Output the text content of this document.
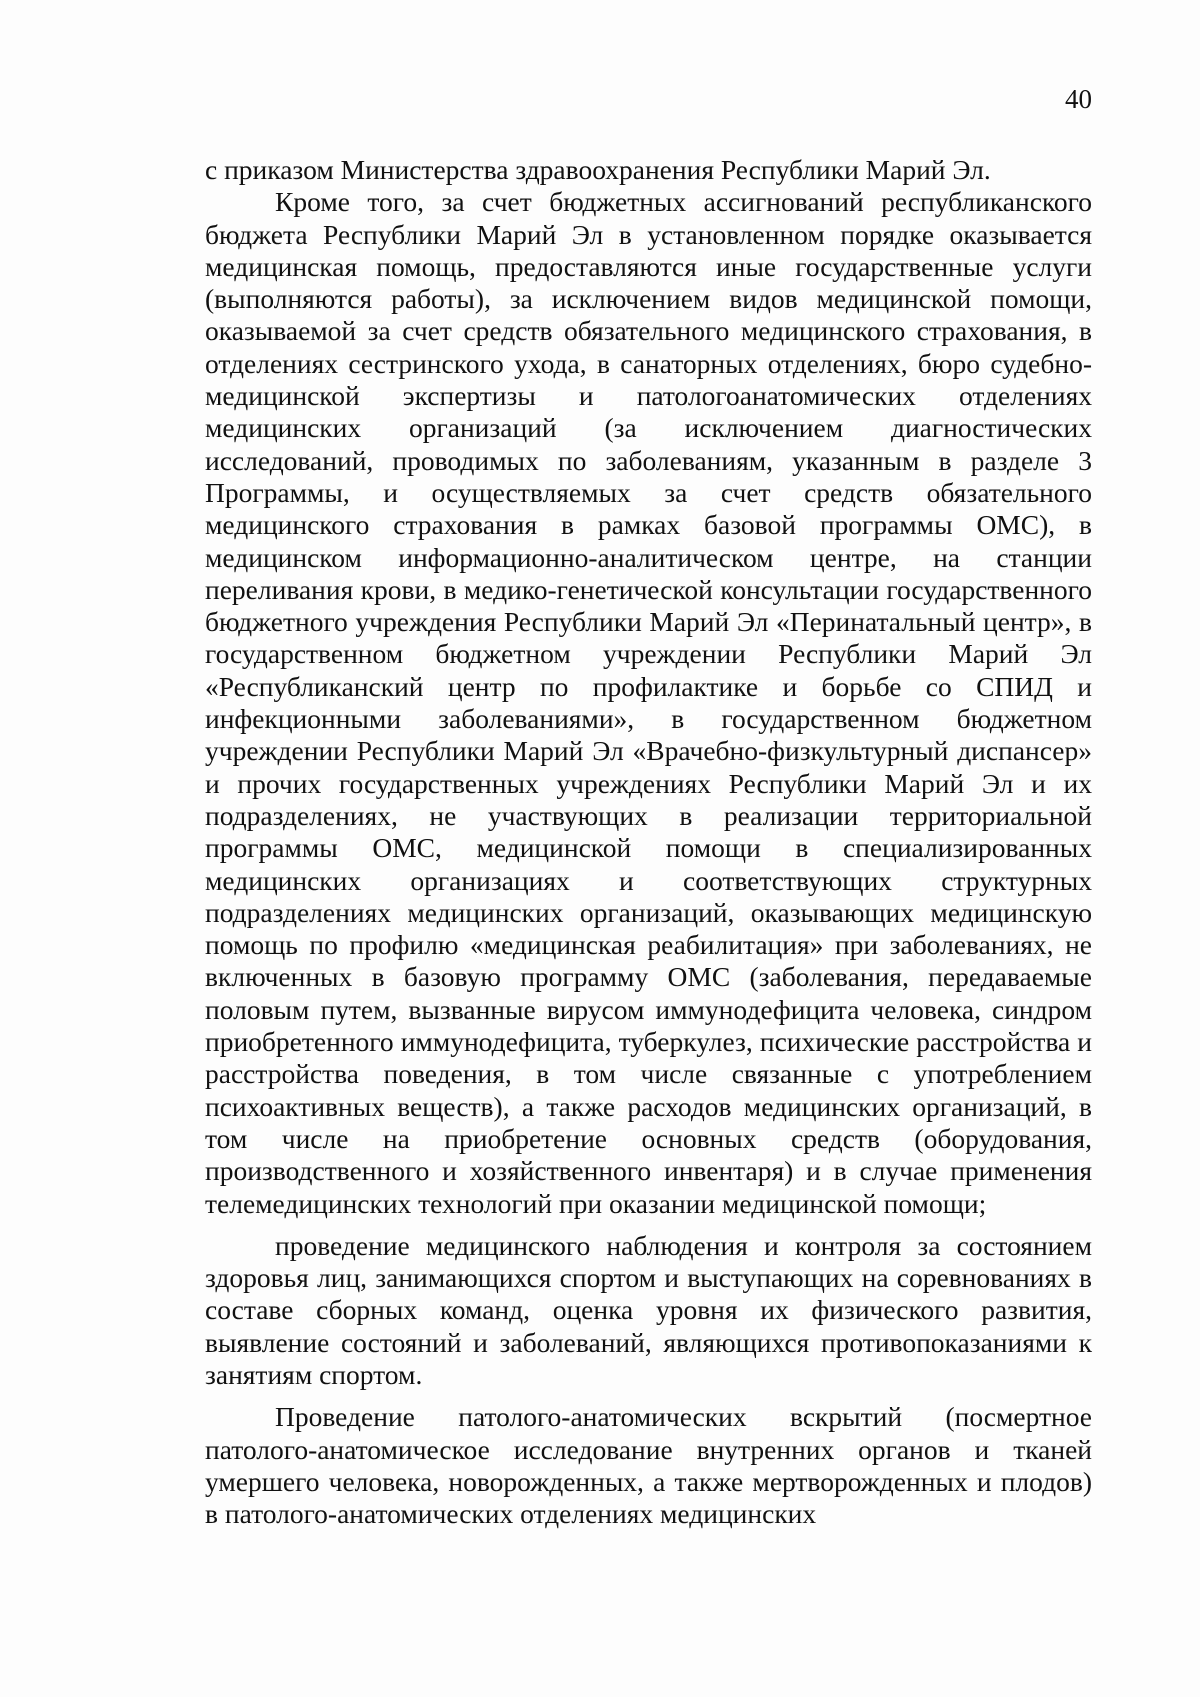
40

с приказом Министерства здравоохранения Республики Марий Эл.

Кроме того, за счет бюджетных ассигнований республиканского бюджета Республики Марий Эл в установленном порядке оказывается медицинская помощь, предоставляются иные государственные услуги (выполняются работы), за исключением видов медицинской помощи, оказываемой за счет средств обязательного медицинского страхования, в отделениях сестринского ухода, в санаторных отделениях, бюро судебно-медицинской экспертизы и патологоанатомических отделениях медицинских организаций (за исключением диагностических исследований, проводимых по заболеваниям, указанным в разделе 3 Программы, и осуществляемых за счет средств обязательного медицинского страхования в рамках базовой программы ОМС), в медицинском информационно-аналитическом центре, на станции переливания крови, в медико-генетической консультации государственного бюджетного учреждения Республики Марий Эл «Перинатальный центр», в государственном бюджетном учреждении Республики Марий Эл «Республиканский центр по профилактике и борьбе со СПИД и инфекционными заболеваниями», в государственном бюджетном учреждении Республики Марий Эл «Врачебно-физкультурный диспансер» и прочих государственных учреждениях Республики Марий Эл и их подразделениях, не участвующих в реализации территориальной программы ОМС, медицинской помощи в специализированных медицинских организациях и соответствующих структурных подразделениях медицинских организаций, оказывающих медицинскую помощь по профилю «медицинская реабилитация» при заболеваниях, не включенных в базовую программу ОМС (заболевания, передаваемые половым путем, вызванные вирусом иммунодефицита человека, синдром приобретенного иммунодефицита, туберкулез, психические расстройства и расстройства поведения, в том числе связанные с употреблением психоактивных веществ), а также расходов медицинских организаций, в том числе на приобретение основных средств (оборудования, производственного и хозяйственного инвентаря) и в случае применения телемедицинских технологий при оказании медицинской помощи;

проведение медицинского наблюдения и контроля за состоянием здоровья лиц, занимающихся спортом и выступающих на соревнованиях в составе сборных команд, оценка уровня их физического развития, выявление состояний и заболеваний, являющихся противопоказаниями к занятиям спортом.

Проведение патолого-анатомических вскрытий (посмертное патолого-анатомическое исследование внутренних органов и тканей умершего человека, новорожденных, а также мертворожденных и плодов) в патолого-анатомических отделениях медицинских
